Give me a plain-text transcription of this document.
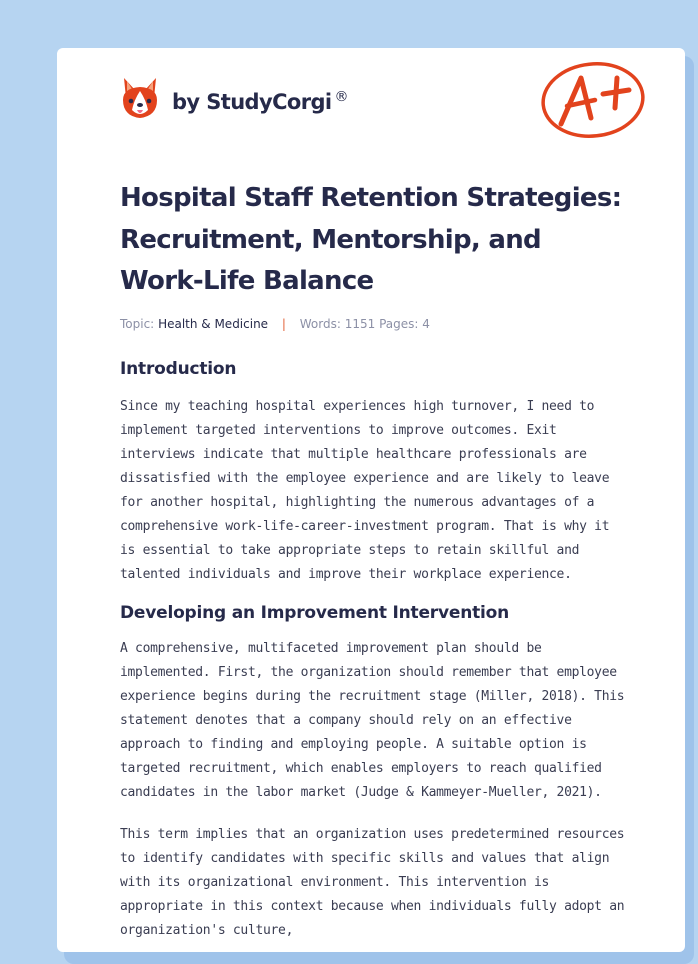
by StudyCorgi ®
Hospital Staff Retention Strategies: Recruitment, Mentorship, and Work-Life Balance
Topic: Health & Medicine | Words: 1151 Pages: 4
Introduction

Since my teaching hospital experiences high turnover, I need to implement targeted interventions to improve outcomes. Exit interviews indicate that multiple healthcare professionals are dissatisfied with the employee experience and are likely to leave for another hospital, highlighting the numerous advantages of a comprehensive work-life-career-investment program. That is why it is essential to take appropriate steps to retain skillful and talented individuals and improve their workplace experience.

Developing an Improvement Intervention

A comprehensive, multifaceted improvement plan should be implemented. First, the organization should remember that employee experience begins during the recruitment stage (Miller, 2018). This statement denotes that a company should rely on an effective approach to finding and employing people. A suitable option is targeted recruitment, which enables employers to reach qualified candidates in the labor market (Judge & Kammeyer-Mueller, 2021).

This term implies that an organization uses predetermined resources to identify candidates with specific skills and values that align with its organizational environment. This intervention is appropriate in this context because when individuals fully adopt an organization's culture,
